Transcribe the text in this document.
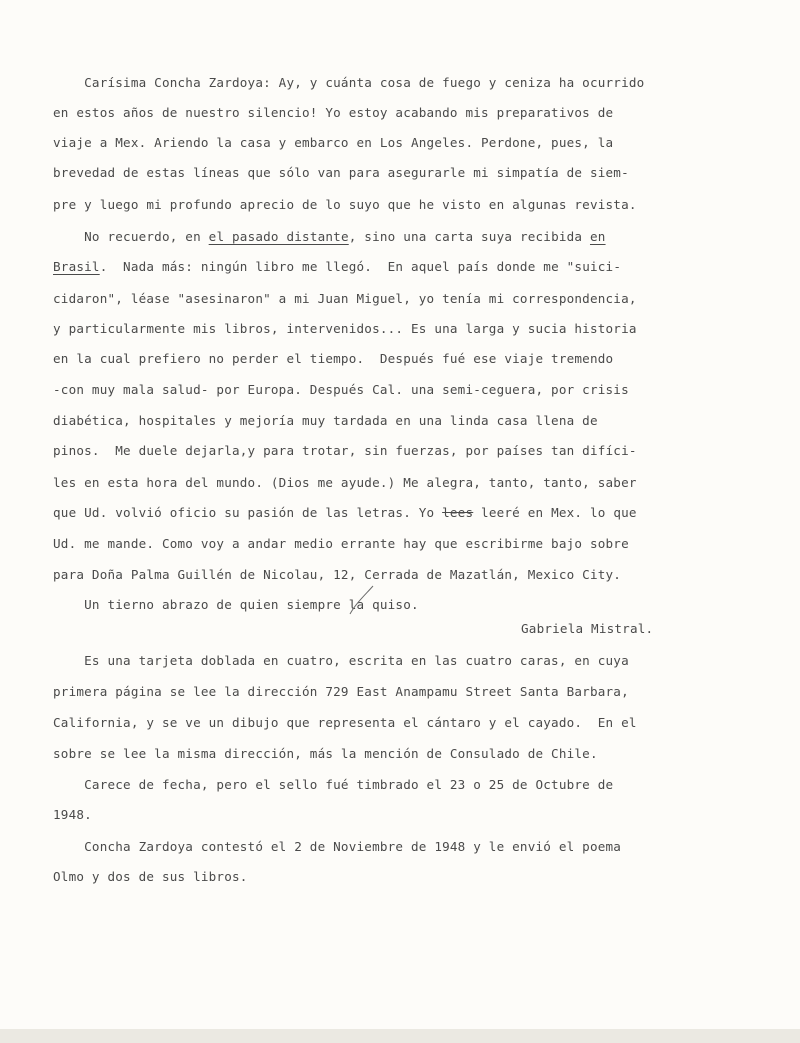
Carísima Concha Zardoya: Ay, y cuánta cosa de fuego y ceniza ha ocurrido
en estos años de nuestro silencio! Yo estoy acabando mis preparativos de
viaje a Mex. Ariendo la casa y embarco en Los Angeles. Perdone, pues, la
brevedad de estas líneas que sólo van para asegurarle mi simpatía de siem-
pre y luego mi profundo aprecio de lo suyo que he visto en algunas revista.
No recuerdo, en el pasado distante, sino una carta suya recibida en
Brasil.  Nada más: ningún libro me llegó.  En aquel país donde me "suici-
cidaron", léase "asesinaron" a mi Juan Miguel, yo tenía mi correspondencia,
y particularmente mis libros, intervenidos... Es una larga y sucia historia
en la cual prefiero no perder el tiempo.  Después fué ese viaje tremendo
-con muy mala salud- por Europa. Después Cal. una semi-ceguera, por crisis
diabética, hospitales y mejoría muy tardada en una linda casa llena de
pinos.  Me duele dejarla,y para trotar, sin fuerzas, por países tan difíci-
les en esta hora del mundo. (Dios me ayude.) Me alegra, tanto, tanto, saber
que Ud. volvió oficio su pasión de las letras. Yo lees leeré en Mex. lo que
Ud. me mande. Como voy a andar medio errante hay que escribirme bajo sobre
para Doña Palma Guillén de Nicolau, 12, Cerrada de Mazatlán, Mexico City.
Un tierno abrazo de quien siempre la quiso.
Gabriela Mistral.
Es una tarjeta doblada en cuatro, escrita en las cuatro caras, en cuya
primera página se lee la dirección 729 East Anampamu Street Santa Barbara,
California, y se ve un dibujo que representa el cántaro y el cayado.  En el
sobre se lee la misma dirección, más la mención de Consulado de Chile.
Carece de fecha, pero el sello fué timbrado el 23 o 25 de Octubre de
1948.
Concha Zardoya contestó el 2 de Noviembre de 1948 y le envió el poema
Olmo y dos de sus libros.
